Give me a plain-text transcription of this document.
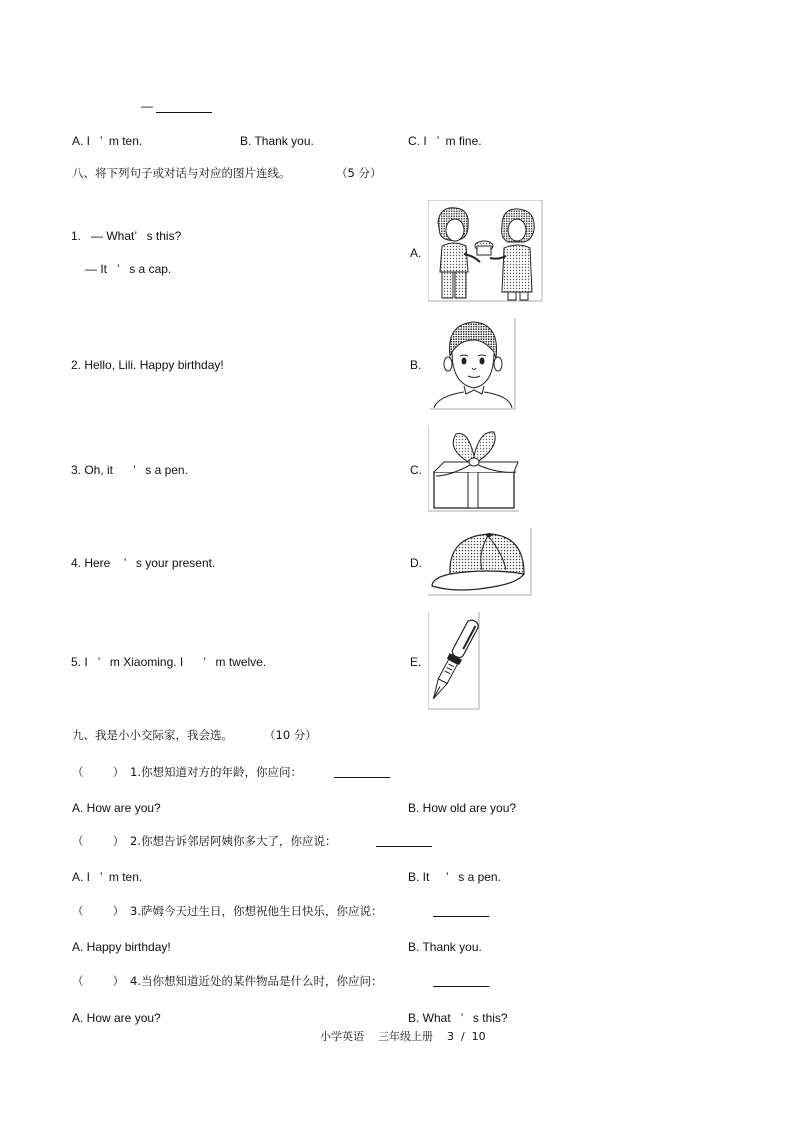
—
A. I   ’  m ten.	B. Thank you.	C. I   ’  m fine.
八、将下列句子或对话与对应的图片连线。	（5 分）
1.   — What’   s this?
— It   ’   s a cap.
2. Hello, Lili. Happy birthday!
3. Oh, it      ’   s a pen.
4. Here    ’   s your present.
5. I   ’   m Xiaoming. I      ’   m twelve.
A.
B.
C.
D.
E.
九、我是小小交际家，我会选。	（10 分）
（        ） 1.你想知道对方的年龄，你应问：
A. How are you?	B. How old are you?
（        ） 2.你想告诉邻居阿姨你多大了，你应说：
A. I   ’  m ten.	B. It     ’   s a pen.
（        ） 3.萨姆今天过生日，你想祝他生日快乐，你应说：
A. Happy birthday!	B. Thank you.
（        ） 4.当你想知道近处的某件物品是什么时，你应问：
A. How are you?	B. What   ’   s this?
小学英语    三年级上册    3  /  10
